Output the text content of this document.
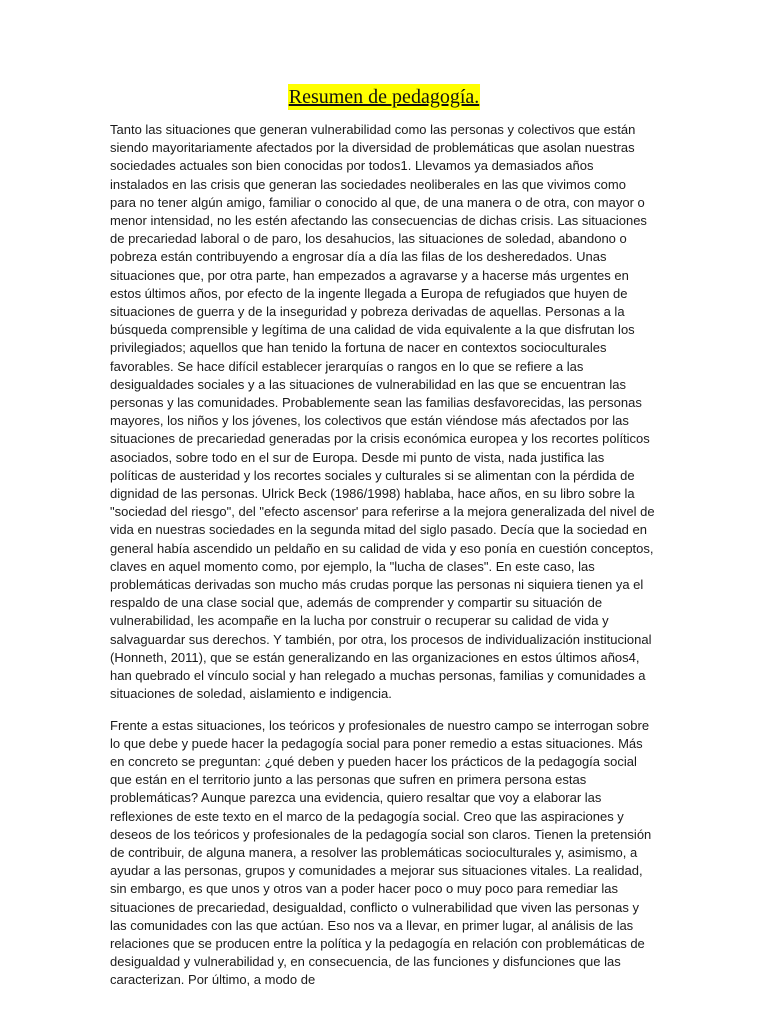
Resumen de pedagogía.

Tanto las situaciones que generan vulnerabilidad como las personas y colectivos que están siendo mayoritariamente afectados por la diversidad de problemáticas que asolan nuestras sociedades actuales son bien conocidas por todos1. Llevamos ya demasiados años instalados en las crisis que generan las sociedades neoliberales en las que vivimos como para no tener algún amigo, familiar o conocido al que, de una manera o de otra, con mayor o menor intensidad, no les estén afectando las consecuencias de dichas crisis. Las situaciones de precariedad laboral o de paro, los desahucios, las situaciones de soledad, abandono o pobreza están contribuyendo a engrosar día a día las filas de los desheredados. Unas situaciones que, por otra parte, han empezados a agravarse y a hacerse más urgentes en estos últimos años, por efecto de la ingente llegada a Europa de refugiados que huyen de situaciones de guerra y de la inseguridad y pobreza derivadas de aquellas. Personas a la búsqueda comprensible y legítima de una calidad de vida equivalente a la que disfrutan los privilegiados; aquellos que han tenido la fortuna de nacer en contextos socioculturales favorables. Se hace difícil establecer jerarquías o rangos en lo que se refiere a las desigualdades sociales y a las situaciones de vulnerabilidad en las que se encuentran las personas y las comunidades. Probablemente sean las familias desfavorecidas, las personas mayores, los niños y los jóvenes, los colectivos que están viéndose más afectados por las situaciones de precariedad generadas por la crisis económica europea y los recortes políticos asociados, sobre todo en el sur de Europa. Desde mi punto de vista, nada justifica las políticas de austeridad y los recortes sociales y culturales si se alimentan con la pérdida de dignidad de las personas. Ulrick Beck (1986/1998) hablaba, hace años, en su libro sobre la "sociedad del riesgo", del "efecto ascensor' para referirse a la mejora generalizada del nivel de vida en nuestras sociedades en la segunda mitad del siglo pasado. Decía que la sociedad en general había ascendido un peldaño en su calidad de vida y eso ponía en cuestión conceptos, claves en aquel momento como, por ejemplo, la "lucha de clases". En este caso, las problemáticas derivadas son mucho más crudas porque las personas ni siquiera tienen ya el respaldo de una clase social que, además de comprender y compartir su situación de vulnerabilidad, les acompañe en la lucha por construir o recuperar su calidad de vida y salvaguardar sus derechos. Y también, por otra, los procesos de individualización institucional (Honneth, 2011), que se están generalizando en las organizaciones en estos últimos años4, han quebrado el vínculo social y han relegado a muchas personas, familias y comunidades a situaciones de soledad, aislamiento e indigencia.

Frente a estas situaciones, los teóricos y profesionales de nuestro campo se interrogan sobre lo que debe y puede hacer la pedagogía social para poner remedio a estas situaciones. Más en concreto se preguntan: ¿qué deben y pueden hacer los prácticos de la pedagogía social que están en el territorio junto a las personas que sufren en primera persona estas problemáticas? Aunque parezca una evidencia, quiero resaltar que voy a elaborar las reflexiones de este texto en el marco de la pedagogía social. Creo que las aspiraciones y deseos de los teóricos y profesionales de la pedagogía social son claros. Tienen la pretensión de contribuir, de alguna manera, a resolver las problemáticas socioculturales y, asimismo, a ayudar a las personas, grupos y comunidades a mejorar sus situaciones vitales. La realidad, sin embargo, es que unos y otros van a poder hacer poco o muy poco para remediar las situaciones de precariedad, desigualdad, conflicto o vulnerabilidad que viven las personas y las comunidades con las que actúan. Eso nos va a llevar, en primer lugar, al análisis de las relaciones que se producen entre la política y la pedagogía en relación con problemáticas de desigualdad y vulnerabilidad y, en consecuencia, de las funciones y disfunciones que las caracterizan. Por último, a modo de
